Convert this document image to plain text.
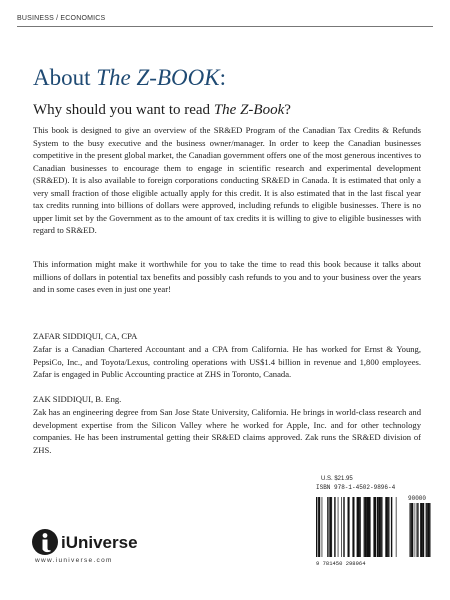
BUSINESS / ECONOMICS
About The Z-BOOK:
Why should you want to read The Z-Book?

This book is designed to give an overview of the SR&ED Program of the Canadian Tax Credits & Refunds System to the busy executive and the business owner/manager. In order to keep the Canadian businesses competitive in the present global market, the Canadian government offers one of the most generous incentives to Canadian businesses to encourage them to engage in scientific research and experimental development (SR&ED). It is also available to foreign corporations conducting SR&ED in Canada. It is estimated that only a very small fraction of those eligible actually apply for this credit. It is also estimated that in the last fiscal year tax credits running into billions of dollars were approved, including refunds to eligible businesses. There is no upper limit set by the Government as to the amount of tax credits it is willing to give to eligible businesses with regard to SR&ED.

This information might make it worthwhile for you to take the time to read this book because it talks about millions of dollars in potential tax benefits and possibly cash refunds to you and to your business over the years and in some cases even in just one year!

ZAFAR SIDDIQUI, CA, CPA

Zafar is a Canadian Chartered Accountant and a CPA from California. He has worked for Ernst & Young, PepsiCo, Inc., and Toyota/Lexus, controling operations with US$1.4 billion in revenue and 1,800 employees. Zafar is engaged in Public Accounting practice at ZHS in Toronto, Canada.

ZAK SIDDIQUI, B. Eng.

Zak has an engineering degree from San Jose State University, California. He brings in world-class research and development expertise from the Silicon Valley where he worked for Apple, Inc. and for other technology companies. He has been instrumental getting their SR&ED claims approved. Zak runs the SR&ED division of ZHS.

iUniverse
www.iuniverse.com
U.S. $21.95
ISBN 978-1-4502-9896-4
90000
9 781450 298964
